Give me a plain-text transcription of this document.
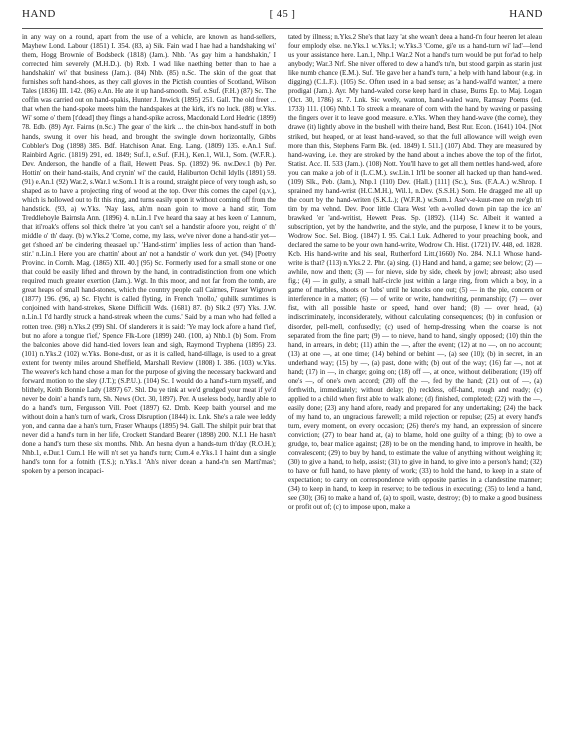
HAND	[ 45 ]	HAND

in any way on a round, apart from the use of a vehicle, are known as hand-sellers, Mayhew Lond. Labour (1851) I. 354. (83, a) Sik. Fain wad I hae had a handshaking wi' them, Hogg Brownie of Bodsbeck (1818) (Jam.). Nhb. 'As gay him a handshakin,' I corrected him severely (M.H.D.). (b) Rxb. I wad like naething better than to hae a handshakin' wi' that business (Jam.). (84) Nhb. (85) n.Sc. The skin of the goat that furnishes soft hand-shoes, as they call gloves in the Pictish counties of Scotland, Wilson Tales (1836) III. 142. (86) e.An. He ate it up hand-smooth. Suf. e.Suf. (F.H.) (87) Sc. The coffin was carried out on hand-spakis, Hunter J. Inwick (1895) 251. Gall. The old freet ... that when the hand-spoke meets him the handspakes at the kirk, it's no luck. (88) w.Yks. Wi' some o' them [t'dead] they flings a hand-spike across, Macdonald Lord Hedric (1899) 78. Edb. (89) Ayr. Fairns (n.Sc.) The gear o' the kirk ... the chin-box hand-stuff in both hands, swung it over his head, and brought the swingle down horizontally, Gibbs Cobbler's Dog (1898) 385. Bdf. Hatchison Anat. Eng. Lang. (1809) 135. e.An.1 Suf. Rainbird Agric. (1819) 291, ed. 1849; Suf.1, e.Suf. (F.H.), Ken.1, Wil.1, Som. (W.F.R.). Dev. Anderson, the handle of a flail, Hewett Peas. Sp. (1892) 96. nw.Dev.1 (b) Per. Hottin' on their hand-stails, And crynin' wi' the cauld, Haliburton Ochil Idylls (1891) 59. (91) e.An.1 (92) War.2, s.War.1 w.Som.1 It is a round, straight piece of very tough ash, so shaped as to have a projecting ring of wood at the top. Over this comes the capel (q.v.), which is hollowed out to fit this ring, and turns easily upon it without coming off from the handstick. (93, a) w.Yks. 'Nay lass, ah'm noan goin to move a hand stir, Tom Treddlehoyle Bairnsla Ann. (1896) 4. n.Lin.1 I've heard tha saay at hes keen o' Lannum, that iti'roak's offens sol thick thelre 'at you can't sel a handstir afoore you, reight o' th' middle o' th' daay. (b) w.Yks.2 'Come, come, my lass, we've niver done a hand-stir yet—get t'shoed an' be cindering theasael up.' 'Hand-stirm' implies less of action than 'hand-stir.' n.Lin.1 Here you are chattin' about an' not a handstir o' work dun yet. (94) [Poetry Provinc. in Cornh. Mag. (1865) XII. 40.] (95) Sc. Formerly used for a small stone or one that could be easily lifted and thrown by the hand, in contradistinction from one which required much greater exertion (Jam.). Wgt. In this moor, and not far from the tomb, are great heaps of small hand-stones, which the country people call Cairnes, Fraser Wigtown (1877) 196. (96, a) Sc. Flycht is called flyting, in French 'mollo,' quhilk sumtimes is conjoined with hand-strekes, Skene Difficill Wds. (1681) 87. (b) Slk.2 (97) Yks. J.W. n.Lin.1 I'd hardly struck a hand-streak wheen the cums.' Said by a man who had felled a rotten tree. (98) n.Yks.2 (99) Shl. Of slanderers it is said: 'Ye may lock afore a hand t'ief, but no afore a tongue t'ief,' Spence Flk-Lore (1899) 240. (100, a) Nhb.1 (b) Som. From the balconies above did hand-tied lovers lean and sigh, Raymond Tryphena (1895) 23. (101) n.Yks.2 (102) w.Yks. Bone-dust, or as it is called, hand-tillage, is used to a great extent for twenty miles around Sheffield, Marshall Review (1808) I. 386. (103) w.Yks. The weaver's kch hand chose a man for the purpose of giving the necessary backward and forward motion to the sley (J.T.); (S.P.U.). (104) Sc. I would do a hand's-turn myself, and blithely, Keith Bonnie Lady (1897) 67. Shl. Du ye tink at we'd grudged your meat if ye'd never be doin' a hand's turn, Sh. News (Oct. 30, 1897). Per. A useless body, hardly able to do a hand's turn, Fergusson Vill. Poet (1897) 62. Dmb. Keep baith yoursel and me without doin a han's turn of wark, Cross Disruption (1844) ix. Lnk. She's a rale wee leddy yon, and canna dae a han's turn, Fraser Whaups (1895) 94. Gall. The shilpit puir brat that never did a hand's turn in her life, Crockett Standard Bearer (1898) 200. N.I.1 He hasn't done a hand's turn these six months. Nhb. An hesna dyun a hands-turn th'day (R.O.H.); Nhb.1, e.Dur.1 Cum.1 He will n't set ya hand's turn; Cum.4 e.Yks.1 I haint dun a single hand's tonn for a fotnith (T.S.); n.Yks.1 'Ah's niver dcean a hand-t'n sen Marti'mas'; spoken by a person incapaci-

tated by illness; n.Yks.2 She's that lazy 'at she wean't deea a hand-t'n four heeren let aleau four emplody else. ne.Yks.1 w.Yks.1; w.Yks.3 'Come, gi'e us a hand-turn wi' lad'—lend us your assistance here. Lan.1, Nhp.1 War.2 Not a hand's turn would be put for'ad to help anybody; War.3 Nrf. She niver offered to dew a hand's tu'n, but stood garpin as starin just like numb chance (E.M.). Suf. 'He gave her a hand's turn,' a help with hand labour (e.g. in digging) (C.L.F.). (105) Sc. Often used in a bad sense; as 'a hand-wall'd wanter,' a mere prodigal (Jam.). Ayr. My hand-waled corse keep hard in chase, Burns Ep. to Maj. Logan (Oct. 30, 1786) st. 7. Lnk. Sic weely, wanton, hand-waled ware, Ramsay Poems (ed. 1733) 111. (106) Nhb.1 To streek a meanare of corn with the hand by waving or passing the fingers over it to leave good measure. e.Yks. When they hand-wave (the corne), they drawe (it) lightly above in the bushell with theire hand, Best Rur. Econ. (1641) 104. [Not striked, but heaped, or at least hand-waved, so that the full allowance will weigh even more than this, Stephens Farm Bk. (ed. 1849) I. 511.] (107) Abd. They are measured by hand-waving, i.e. they are stroked by the hand about a inches above the top of the firlot, Statist. Acc. II. 533 (Jam.). (108) Nott. You'll have to get all them nettles hand-wed, afore you can make a job of it (L.C.M.). sw.Lin.1 It'll be sooner all hacked up than hand-wed. (109) Slk., Peb. (Jam.), Nhp.1 (110) Dev. (Hall.) [111] (Sc.), Sus. (F.A.A.) w.Shrop. I sprained my hand-wrist (H.C.M.H.), Wil.1, n.Dev. (S.S.H.) Som. He dragged me all up the court by the hand-writen (S.K.L.); (W.F.R.) w.Som.1 Ase'v-e-kuut-mee on ree'gh tri tim by ma vehnd. Dev. Poor little Clara West 'eth a-volled down pin tap the ice an' brawked 'er 'and-writist, Hewett Peas. Sp. (1892). (114) Sc. Albeit it wanted a subscription, yet by the handwrite, and the style, and the purpose, I knew it to be yours, Wodrow Soc. Sel. Biog. (1847) I. 95. Cai.1 Luk. Adhered to your preaching book, and declared the same to be your own hand-write, Wodrow Ch. Hist. (1721) IV. 448, ed. 1828. Kcb. His hand-write and his seal, Rutherford Litt.(1660) No. 284. N.I.1 Whose hand-write is that? (113) n.Yks.2 2. Phr. (a) sing. (1) Hand and hand, a game; see below; (2) — awhile, now and then; (3) — for nieve, side by side, cheek by jowl; abreast; also used fig.; (4) — in gully, a small half-circle just within a large ring, from which a boy, in a game of marbles, shoots or 'lobs' until he knocks one out; (5) — in the pie, concern or interference in a matter; (6) — of write or write, handwriting, penmanship; (7) — over fist, with all possible haste or speed, hand over hand; (8) — over head, (a) indiscriminately, inconsiderately, without calculating consequences; (b) in confusion or disorder, pell-mell, confusedly; (c) used of hemp-dressing when the coarse is not separated from the fine part; (9) — to nieve, hand to hand, singly opposed; (10) thin the hand, in arrears, in debt; (11) athin the —, after the event; (12) at no —, on no account; (13) at one —, at one time; (14) behind or behint —, (a) see (10); (b) in secret, in an underhand way; (15) by —, (a) past, done with; (b) out of the way; (16) far —, not at hand; (17) in —, in charge; going on; (18) off —, at once, without deliberation; (19) off one's —, of one's own accord; (20) off the —, fed by the hand; (21) out of —, (a) forthwith, immediately; without delay; (b) reckless, off-hand, rough and ready; (c) applied to a child when first able to walk alone; (d) finished, completed; (22) with the —, easily done; (23) any hand afore, ready and prepared for any undertaking; (24) the back of my hand to, an ungracious farewell; a mild rejection or repulse; (25) at every hand's turn, every moment, on every occasion; (26) there's my hand, an expression of sincere conviction; (27) to bear hand at, (a) to blame, hold one guilty of a thing; (b) to owe a grudge, to, bear malice against; (28) to be on the mending hand, to improve in health, be convalescent; (29) to buy by hand, to estimate the value of anything without weighing it; (30) to give a hand, to help, assist; (31) to give in hand, to give into a person's hand; (32) to have or full hand, to have plenty of work; (33) to hold the hand, to keep in a state of expectation; to carry on correspondence with opposite parties in a clandestine manner; (34) to keep in hand, to keep in reserve; to be tedious in executing; (35) to lend a hand, see (30); (36) to make a hand of, (a) to spoil, waste, destroy; (b) to make a good business or profit out of; (c) to impose upon, make a
